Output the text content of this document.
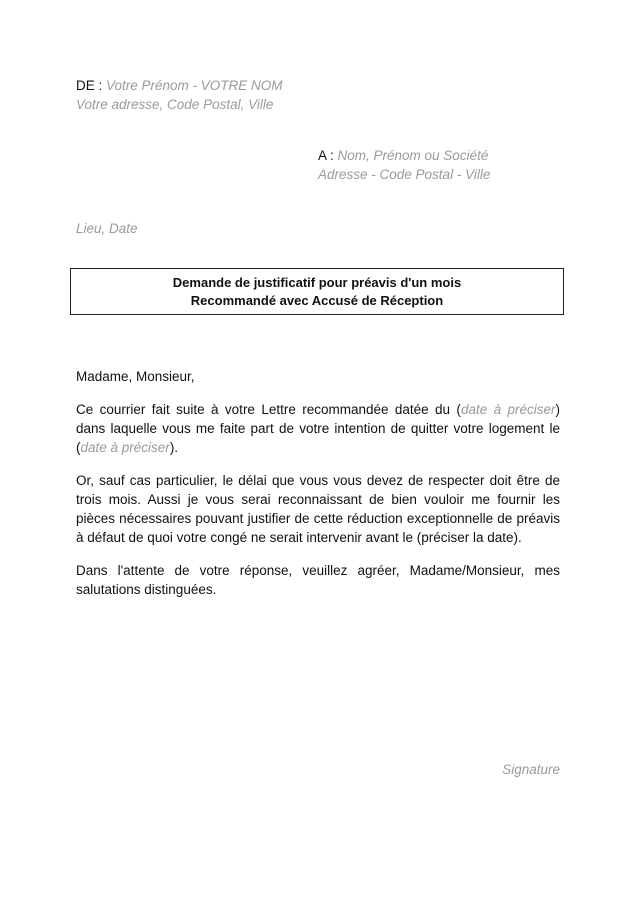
DE : Votre Prénom - VOTRE NOM
Votre adresse, Code Postal, Ville
A : Nom, Prénom ou Société
Adresse - Code Postal - Ville
Lieu, Date
Demande de justificatif pour préavis d'un mois
Recommandé avec Accusé de Réception

Madame, Monsieur,

Ce courrier fait suite à votre Lettre recommandée datée du (date à préciser) dans laquelle vous me faite part de votre intention de quitter votre logement le (date à préciser).

Or, sauf cas particulier, le délai que vous vous devez de respecter doit être de trois mois. Aussi je vous serai reconnaissant de bien vouloir me fournir les pièces nécessaires pouvant justifier de cette réduction exceptionnelle de préavis à défaut de quoi votre congé ne serait intervenir avant le (préciser la date).

Dans l'attente de votre réponse, veuillez agréer, Madame/Monsieur, mes salutations distinguées.

Signature
